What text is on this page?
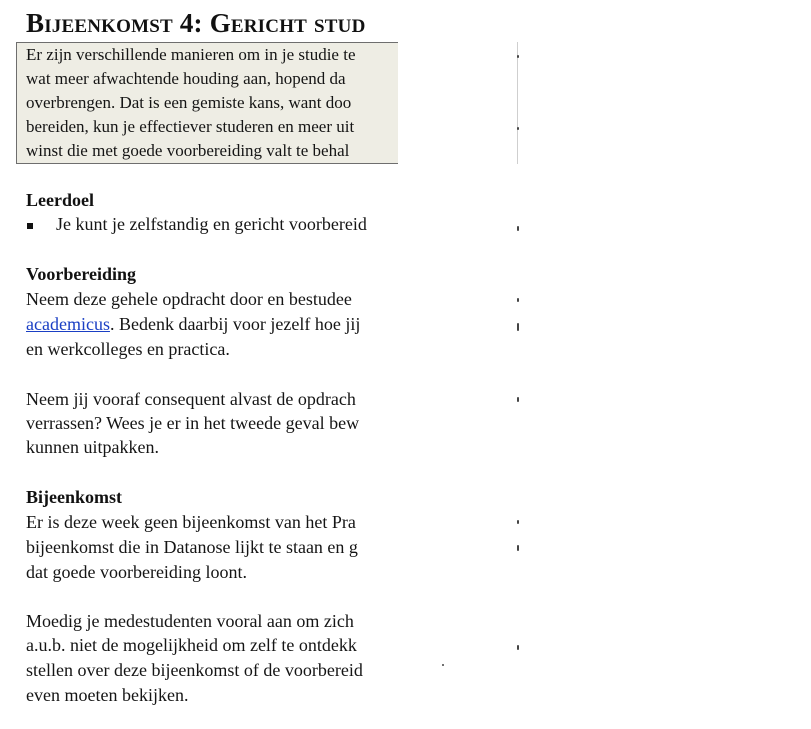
Bijeenkomst 4: Gericht stud
Er zijn verschillende manieren om in je studie te
wat meer afwachtende houding aan, hopend da
overbrengen. Dat is een gemiste kans, want doo
bereiden, kun je effectiever studeren en meer uit
winst die met goede voorbereiding valt te behal
Leerdoel
Je kunt je zelfstandig en gericht voorbereid
Voorbereiding
Neem deze gehele opdracht door en bestudee
academicus. Bedenk daarbij voor jezelf hoe jij
en werkcolleges en practica.
Neem jij vooraf consequent alvast de opdrach
verrassen? Wees je er in het tweede geval bew
kunnen uitpakken.
Bijeenkomst
Er is deze week geen bijeenkomst van het Pra
bijeenkomst die in Datanose lijkt te staan en g
dat goede voorbereiding loont.
Moedig je medestudenten vooral aan om zich
a.u.b. niet de mogelijkheid om zelf te ontdekk
stellen over deze bijeenkomst of de voorbereid
even moeten bekijken.
